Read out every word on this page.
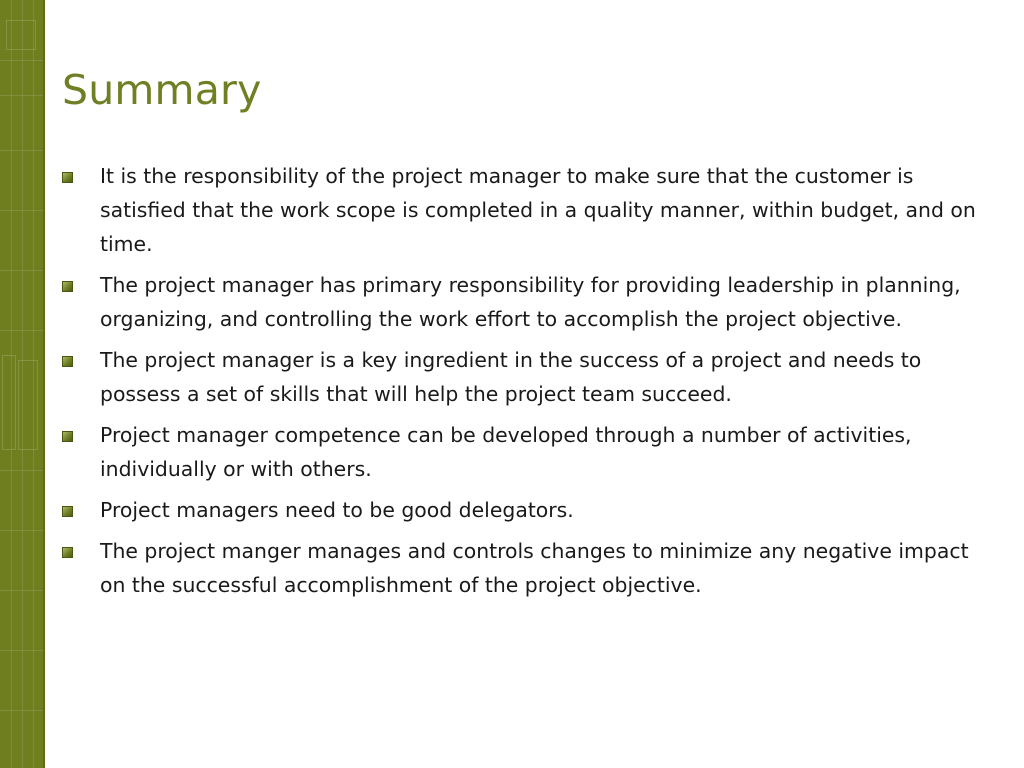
Summary
It is the responsibility of the project manager to make sure that the customer is satisfied that the work scope is completed in a quality manner, within budget, and on time.
The project manager has primary responsibility for providing leadership in planning, organizing, and controlling the work effort to accomplish the project objective.
The project manager is a key ingredient in the success of a project and needs to possess a set of skills that will help the project team succeed.
Project manager competence can be developed through a number of activities, individually or with others.
Project managers need to be good delegators.
The project manger manages and controls changes to minimize any negative impact on the successful accomplishment of the project objective.
